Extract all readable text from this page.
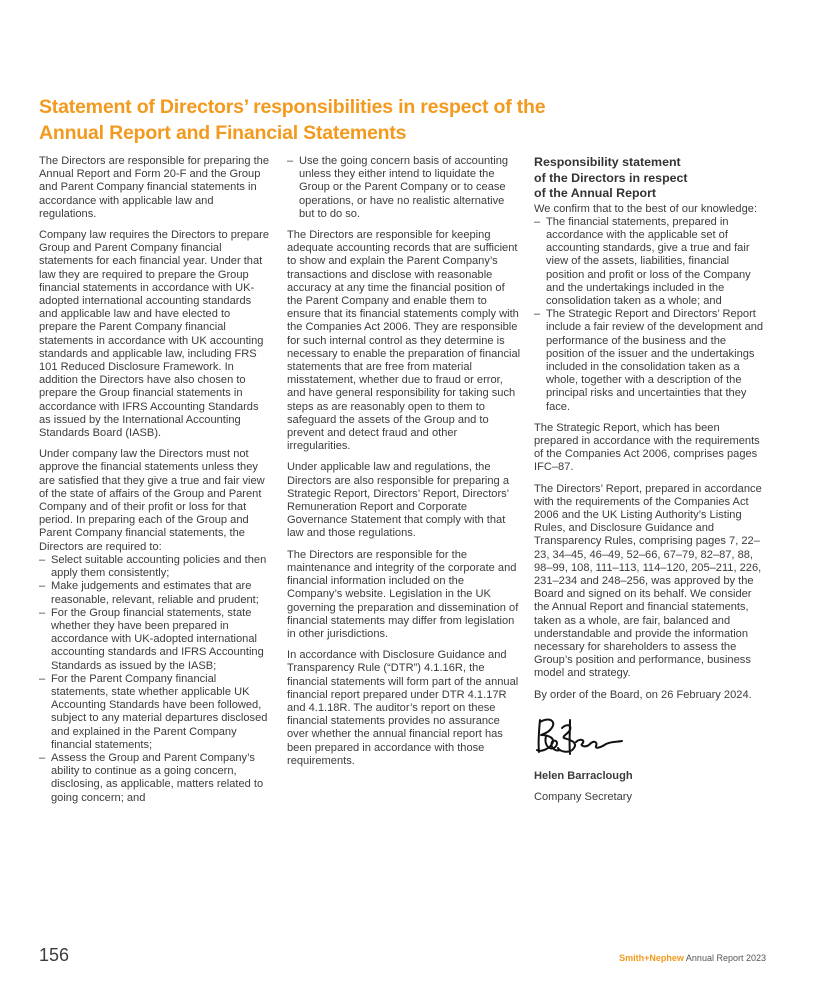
Statement of Directors’ responsibilities in respect of the Annual Report and Financial Statements

The Directors are responsible for preparing the Annual Report and Form 20-F and the Group and Parent Company financial statements in accordance with applicable law and regulations.

Company law requires the Directors to prepare Group and Parent Company financial statements for each financial year. Under that law they are required to prepare the Group financial statements in accordance with UK-adopted international accounting standards and applicable law and have elected to prepare the Parent Company financial statements in accordance with UK accounting standards and applicable law, including FRS 101 Reduced Disclosure Framework. In addition the Directors have also chosen to prepare the Group financial statements in accordance with IFRS Accounting Standards as issued by the International Accounting Standards Board (IASB).

Under company law the Directors must not approve the financial statements unless they are satisfied that they give a true and fair view of the state of affairs of the Group and Parent Company and of their profit or loss for that period. In preparing each of the Group and Parent Company financial statements, the Directors are required to:

– Select suitable accounting policies and then apply them consistently;
– Make judgements and estimates that are reasonable, relevant, reliable and prudent;
– For the Group financial statements, state whether they have been prepared in accordance with UK-adopted international accounting standards and IFRS Accounting Standards as issued by the IASB;
– For the Parent Company financial statements, state whether applicable UK Accounting Standards have been followed, subject to any material departures disclosed and explained in the Parent Company financial statements;
– Assess the Group and Parent Company’s ability to continue as a going concern, disclosing, as applicable, matters related to going concern; and
– Use the going concern basis of accounting unless they either intend to liquidate the Group or the Parent Company or to cease operations, or have no realistic alternative but to do so.

The Directors are responsible for keeping adequate accounting records that are sufficient to show and explain the Parent Company’s transactions and disclose with reasonable accuracy at any time the financial position of the Parent Company and enable them to ensure that its financial statements comply with the Companies Act 2006. They are responsible for such internal control as they determine is necessary to enable the preparation of financial statements that are free from material misstatement, whether due to fraud or error, and have general responsibility for taking such steps as are reasonably open to them to safeguard the assets of the Group and to prevent and detect fraud and other irregularities.

Under applicable law and regulations, the Directors are also responsible for preparing a Strategic Report, Directors’ Report, Directors’ Remuneration Report and Corporate Governance Statement that comply with that law and those regulations.

The Directors are responsible for the maintenance and integrity of the corporate and financial information included on the Company’s website. Legislation in the UK governing the preparation and dissemination of financial statements may differ from legislation in other jurisdictions.

In accordance with Disclosure Guidance and Transparency Rule (“DTR”) 4.1.16R, the financial statements will form part of the annual financial report prepared under DTR 4.1.17R and 4.1.18R. The auditor’s report on these financial statements provides no assurance over whether the annual financial report has been prepared in accordance with those requirements.

Responsibility statement
of the Directors in respect
of the Annual Report

We confirm that to the best of our knowledge:

– The financial statements, prepared in accordance with the applicable set of accounting standards, give a true and fair view of the assets, liabilities, financial position and profit or loss of the Company and the undertakings included in the consolidation taken as a whole; and
– The Strategic Report and Directors’ Report include a fair review of the development and performance of the business and the position of the issuer and the undertakings included in the consolidation taken as a whole, together with a description of the principal risks and uncertainties that they face.

The Strategic Report, which has been prepared in accordance with the requirements of the Companies Act 2006, comprises pages IFC–87.

The Directors’ Report, prepared in accordance with the requirements of the Companies Act 2006 and the UK Listing Authority’s Listing Rules, and Disclosure Guidance and Transparency Rules, comprising pages 7, 22–23, 34–45, 46–49, 52–66, 67–79, 82–87, 88, 98–99, 108, 111–113, 114–120, 205–211, 226, 231–234 and 248–256, was approved by the Board and signed on its behalf. We consider the Annual Report and financial statements, taken as a whole, are fair, balanced and understandable and provide the information necessary for shareholders to assess the Group’s position and performance, business model and strategy.

By order of the Board, on 26 February 2024.

Helen Barraclough

Company Secretary

156	Smith+Nephew Annual Report 2023
